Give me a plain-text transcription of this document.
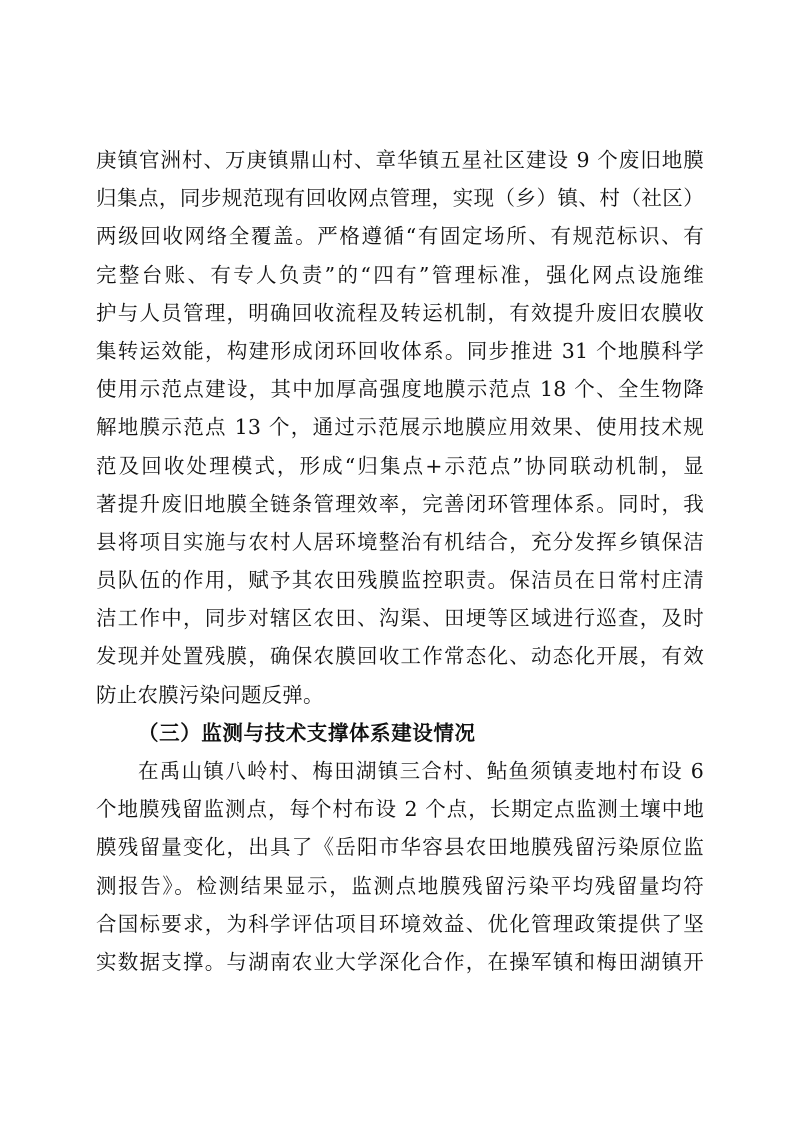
庚镇官洲村、万庚镇鼎山村、章华镇五星社区建设 9 个废旧地膜
归集点，同步规范现有回收网点管理，实现（乡）镇、村（社区）
两级回收网络全覆盖。严格遵循“有固定场所、有规范标识、有
完整台账、有专人负责”的“四有”管理标准，强化网点设施维
护与人员管理，明确回收流程及转运机制，有效提升废旧农膜收
集转运效能，构建形成闭环回收体系。同步推进 31 个地膜科学
使用示范点建设，其中加厚高强度地膜示范点 18 个、全生物降
解地膜示范点 13 个，通过示范展示地膜应用效果、使用技术规
范及回收处理模式，形成“归集点+示范点”协同联动机制，显
著提升废旧地膜全链条管理效率，完善闭环管理体系。同时，我
县将项目实施与农村人居环境整治有机结合，充分发挥乡镇保洁
员队伍的作用，赋予其农田残膜监控职责。保洁员在日常村庄清
洁工作中，同步对辖区农田、沟渠、田埂等区域进行巡查，及时
发现并处置残膜，确保农膜回收工作常态化、动态化开展，有效
防止农膜污染问题反弹。
（三）监测与技术支撑体系建设情况
在禹山镇八岭村、梅田湖镇三合村、鲇鱼须镇麦地村布设 6
个地膜残留监测点，每个村布设 2 个点，长期定点监测土壤中地
膜残留量变化，出具了《岳阳市华容县农田地膜残留污染原位监
测报告》。检测结果显示，监测点地膜残留污染平均残留量均符
合国标要求，为科学评估项目环境效益、优化管理政策提供了坚
实数据支撑。与湖南农业大学深化合作，在操军镇和梅田湖镇开
